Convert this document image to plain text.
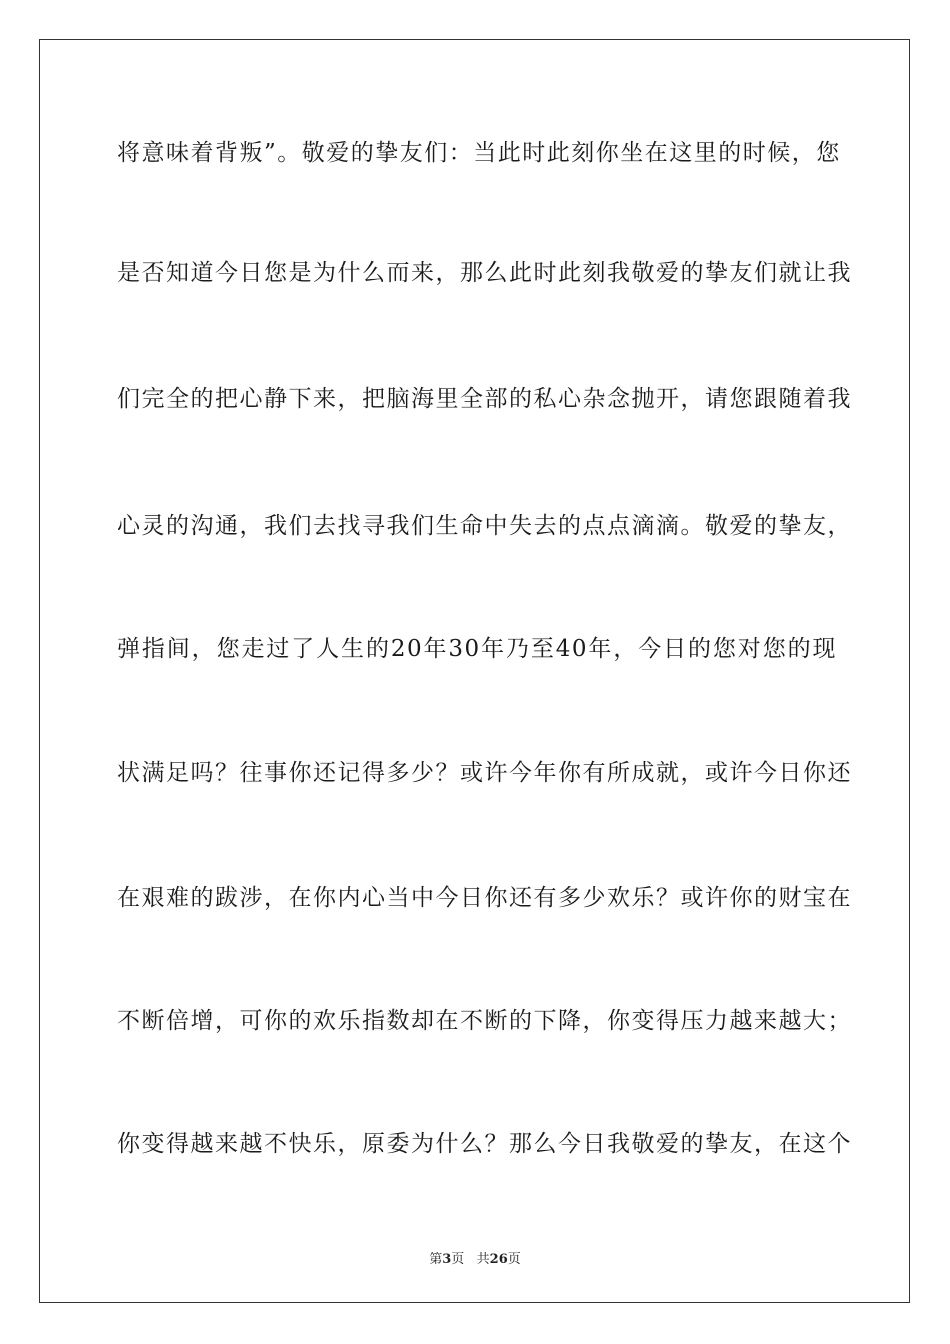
将意味着背叛”。敬爱的挚友们：当此时此刻你坐在这里的时候，您
是否知道今日您是为什么而来，那么此时此刻我敬爱的挚友们就让我
们完全的把心静下来，把脑海里全部的私心杂念抛开，请您跟随着我
心灵的沟通，我们去找寻我们生命中失去的点点滴滴。敬爱的挚友，
弹指间，您走过了人生的20年30年乃至40年，今日的您对您的现
状满足吗？往事你还记得多少？或许今年你有所成就，或许今日你还
在艰难的跋涉，在你内心当中今日你还有多少欢乐？或许你的财宝在
不断倍增，可你的欢乐指数却在不断的下降，你变得压力越来越大；
你变得越来越不快乐，原委为什么？那么今日我敬爱的挚友，在这个
第3页   共26页
